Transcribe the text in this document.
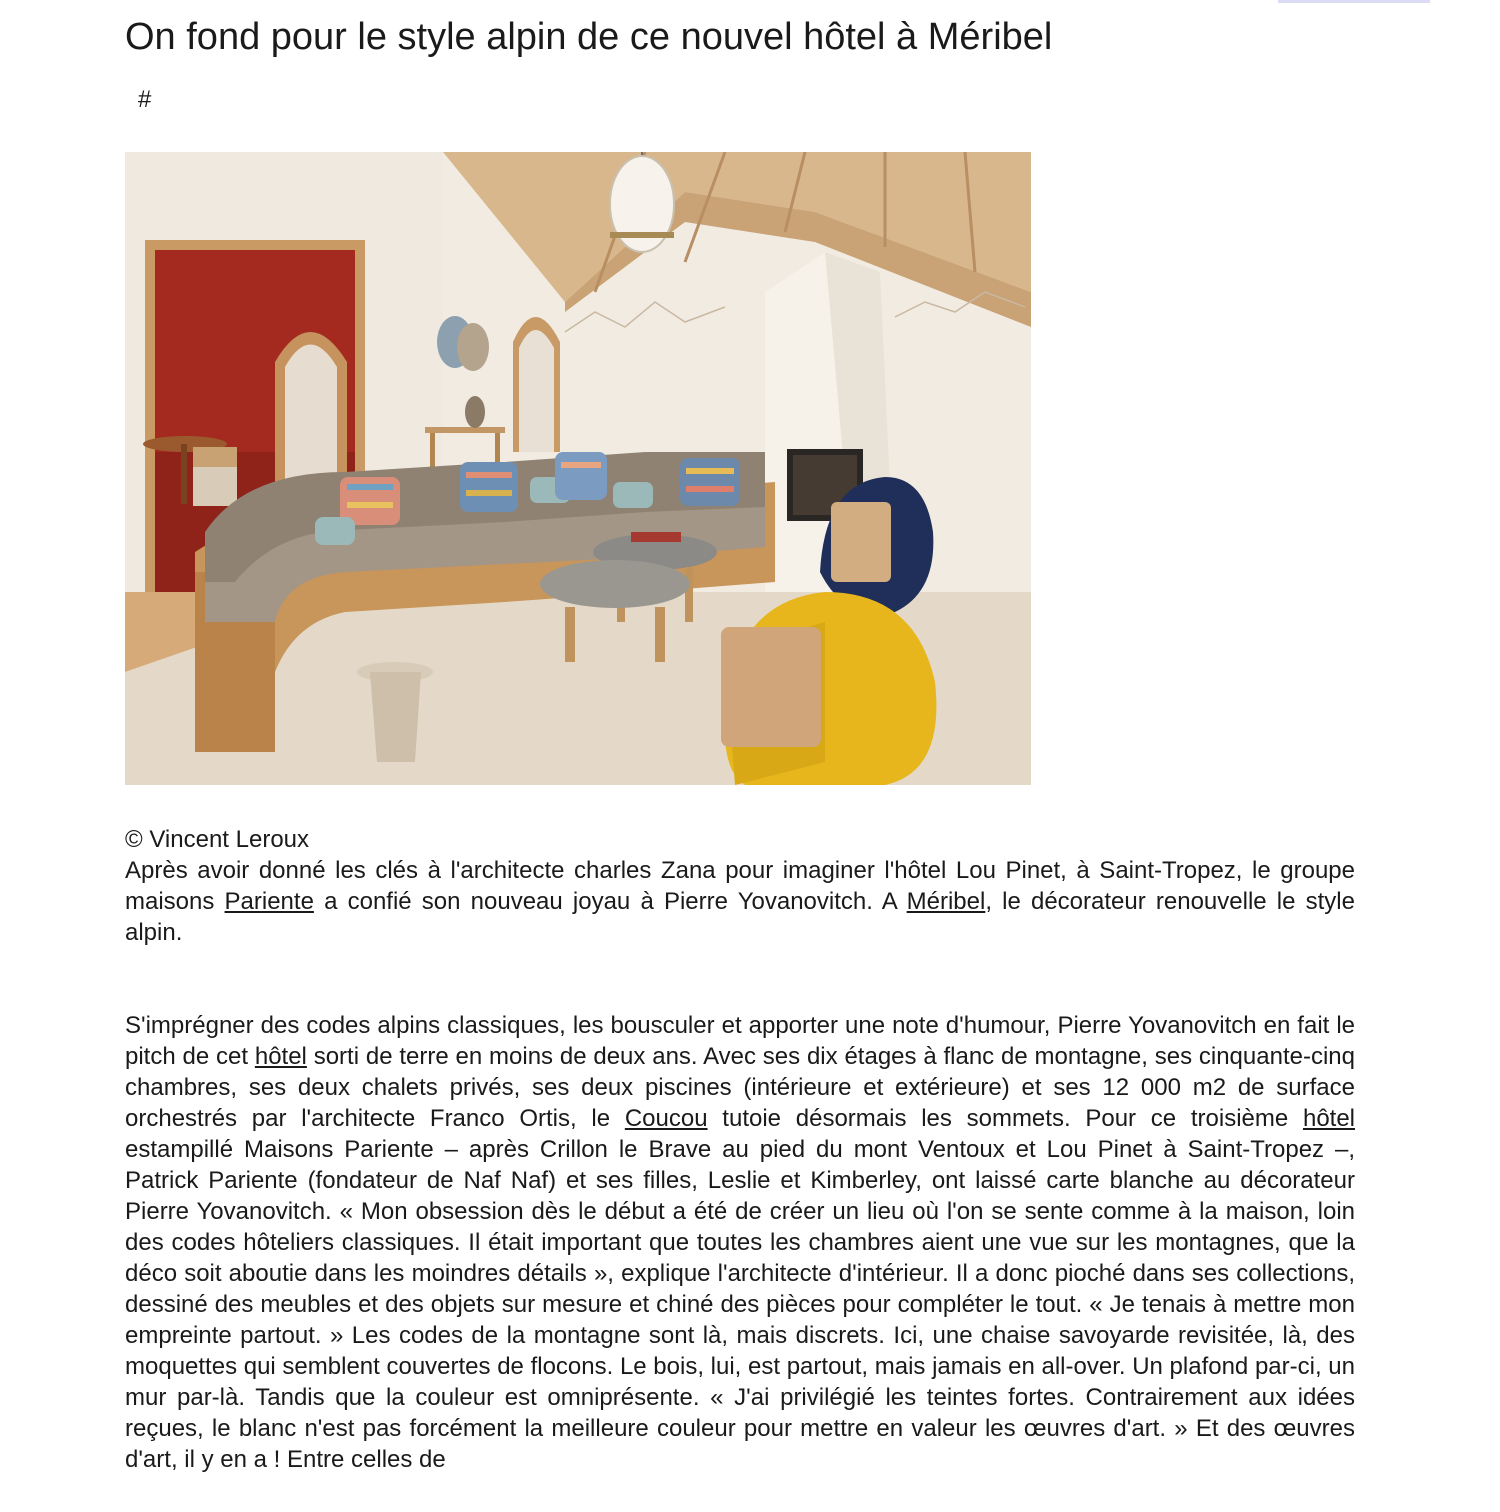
On fond pour le style alpin de ce nouvel hôtel à Méribel
#
© Vincent Leroux

Après avoir donné les clés à l'architecte charles Zana pour imaginer l'hôtel Lou Pinet, à Saint-Tropez, le groupe maisons Pariente a confié son nouveau joyau à Pierre Yovanovitch. A Méribel, le décorateur renouvelle le style alpin.

S'imprégner des codes alpins classiques, les bousculer et apporter une note d'humour, Pierre Yovanovitch en fait le pitch de cet hôtel sorti de terre en moins de deux ans. Avec ses dix étages à flanc de montagne, ses cinquante-cinq chambres, ses deux chalets privés, ses deux piscines (intérieure et extérieure) et ses 12 000 m2 de surface orchestrés par l'architecte Franco Ortis, le Coucou tutoie désormais les sommets. Pour ce troisième hôtel estampillé Maisons Pariente – après Crillon le Brave au pied du mont Ventoux et Lou Pinet à Saint-Tropez –, Patrick Pariente (fondateur de Naf Naf) et ses filles, Leslie et Kimberley, ont laissé carte blanche au décorateur Pierre Yovanovitch. « Mon obsession dès le début a été de créer un lieu où l'on se sente comme à la maison, loin des codes hôteliers classiques. Il était important que toutes les chambres aient une vue sur les montagnes, que la déco soit aboutie dans les moindres détails », explique l'architecte d'intérieur. Il a donc pioché dans ses collections, dessiné des meubles et des objets sur mesure et chiné des pièces pour compléter le tout. « Je tenais à mettre mon empreinte partout. » Les codes de la montagne sont là, mais discrets. Ici, une chaise savoyarde revisitée, là, des moquettes qui semblent couvertes de flocons. Le bois, lui, est partout, mais jamais en all-over. Un plafond par-ci, un mur par-là. Tandis que la couleur est omniprésente. « J'ai privilégié les teintes fortes. Contrairement aux idées reçues, le blanc n'est pas forcément la meilleure couleur pour mettre en valeur les œuvres d'art. » Et des œuvres d'art, il y en a ! Entre celles de
